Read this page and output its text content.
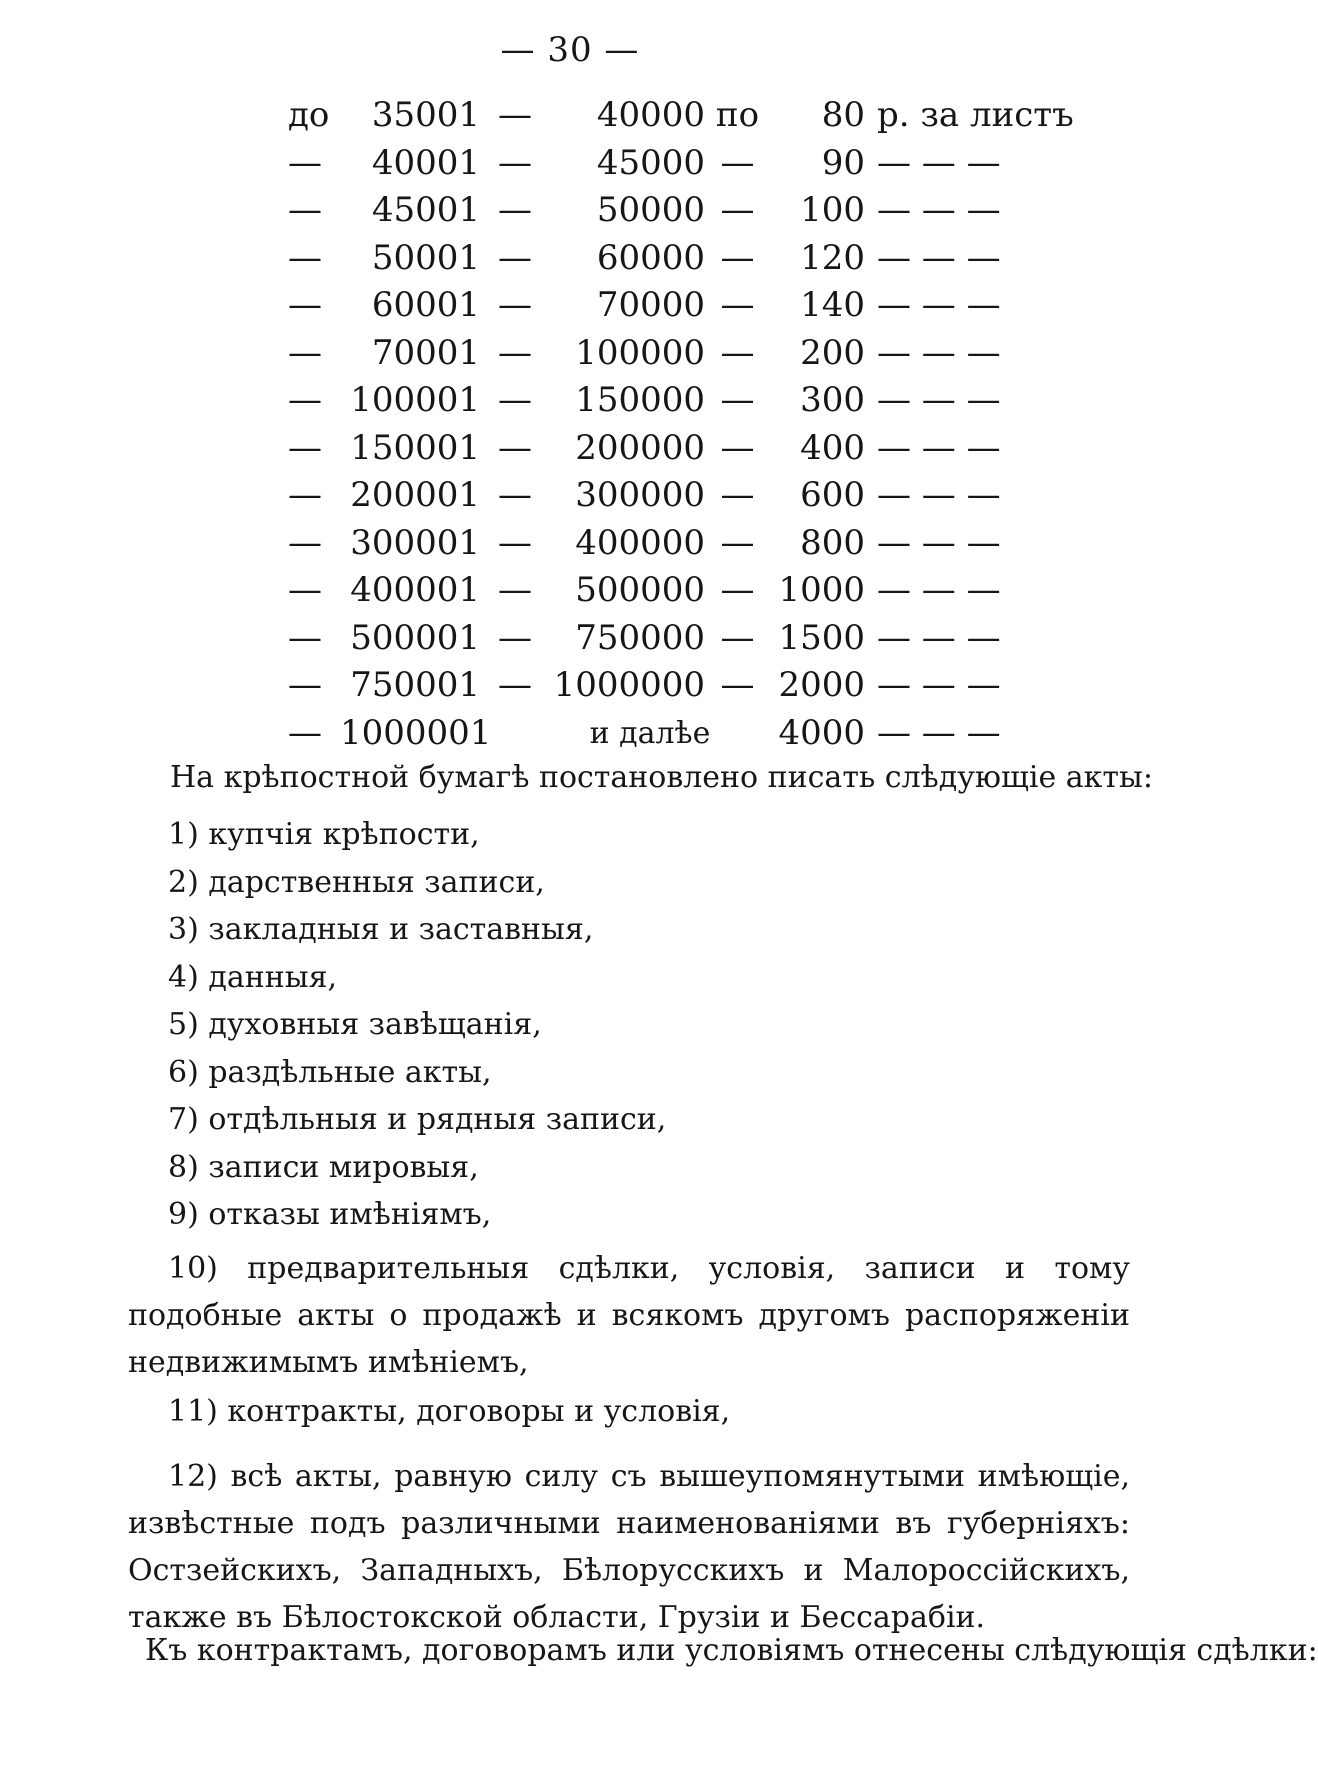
— 30 —
до	35001 —	40000 по	80 р. за листъ
—	40001 —	45000 —	90 — — —
—	45001 —	50000 —	100 — — —
—	50001 —	60000 —	120 — — —
—	60001 —	70000 —	140 — — —
—	70001 —	100000 —	200 — — —
— 100001 —	150000 —	300 — — —
— 150001 —	200000 —	400 — — —
— 200001 —	300000 —	600 — — —
— 300001 —	400000 —	800 — — —
— 400001 —	500000 — 1000 — — —
— 500001 —	750000 — 1500 — — —
— 750001 — 1000000 — 2000 — — —
— 1000001	и далѣе	4000 — — —
На крѣпостной бумагѣ постановлено писать слѣдующіе акты:
1) купчія крѣпости,
2) дарственныя записи,
3) закладныя и заставныя,
4) данныя,
5) духовныя завѣщанія,
6) раздѣльные акты,
7) отдѣльныя и рядныя записи,
8) записи мировыя,
9) отказы имѣніямъ,

10) предварительныя сдѣлки, условія, записи и тому подобные акты о продажѣ и всякомъ другомъ распоряженіи недвижимымъ имѣніемъ,

11) контракты, договоры и условія,

12) всѣ акты, равную силу съ вышеупомянутыми имѣющіе, извѣстные подъ различными наименованіями въ губерніяхъ: Остзейскихъ, Западныхъ, Бѣлорусскихъ и Малороссійскихъ, также въ Бѣлостокской области, Грузіи и Бессарабіи.

Къ контрактамъ, договорамъ или условіямъ отнесены слѣдующія сдѣлки:
